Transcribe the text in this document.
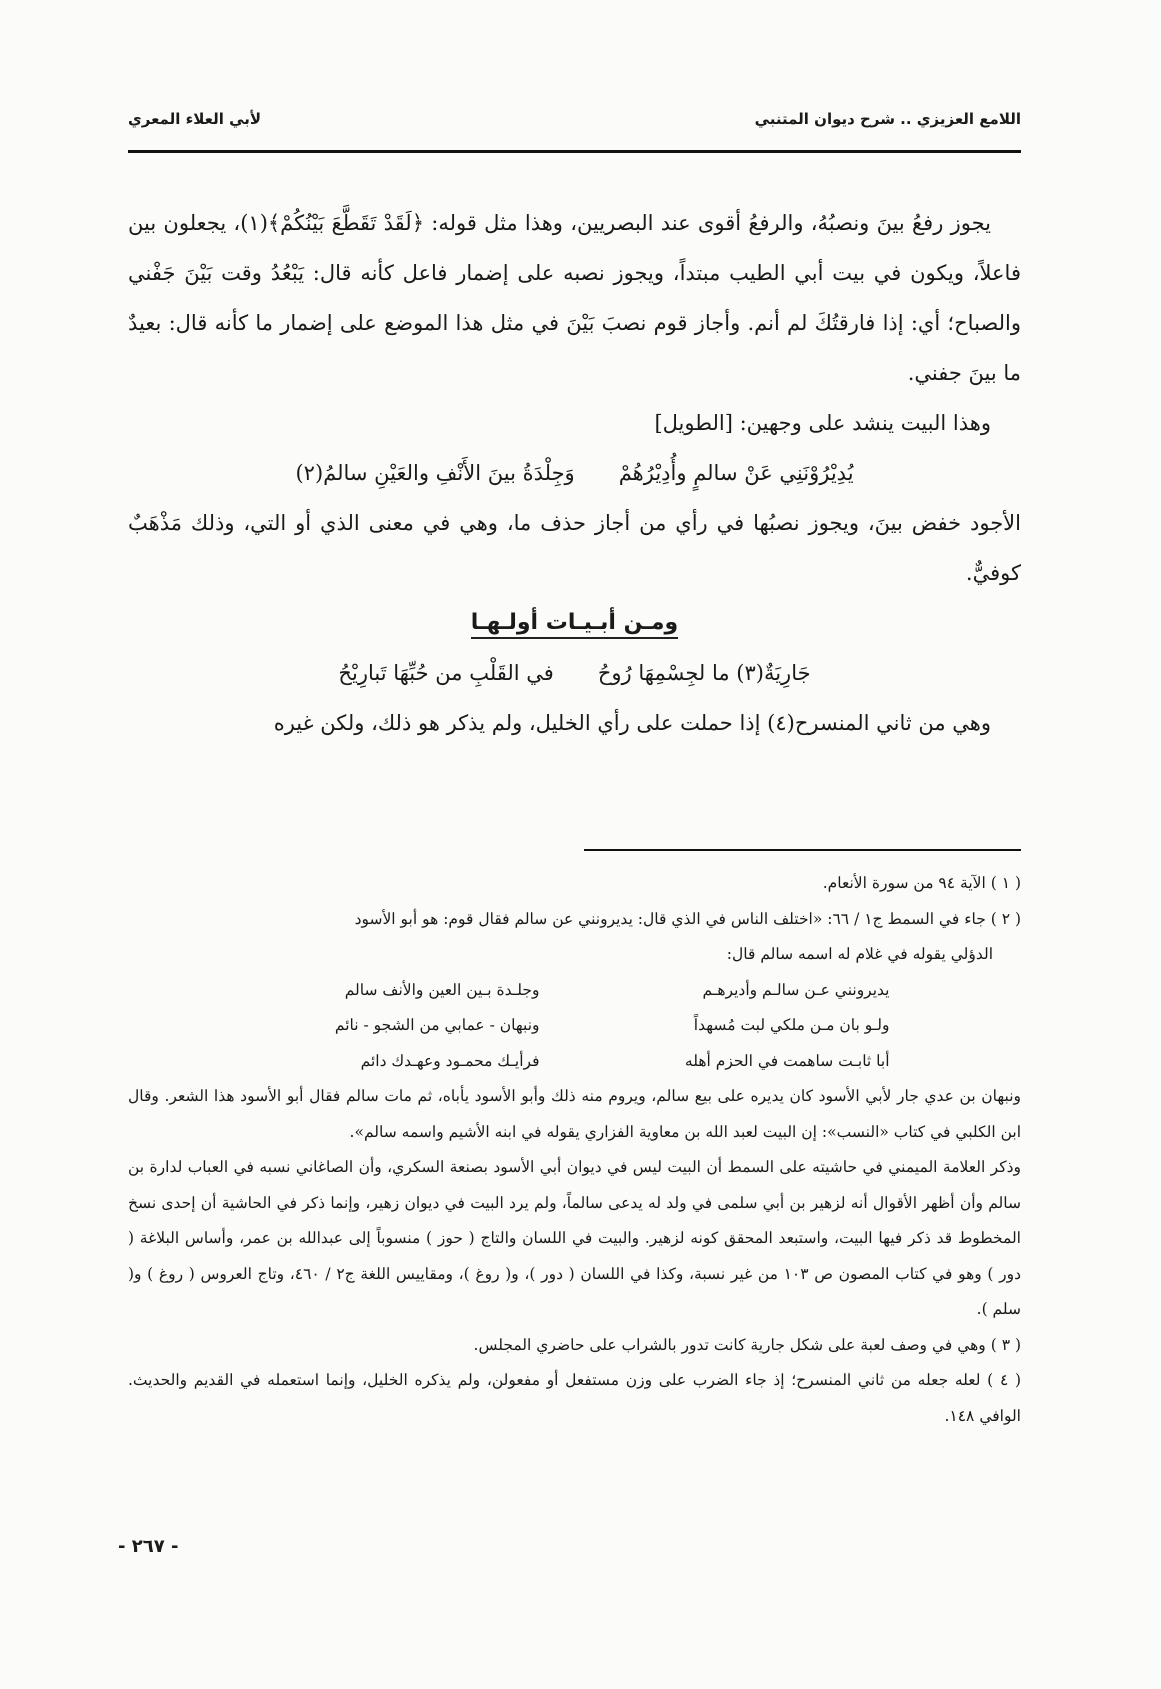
اللامع العزيزي .. شرح ديوان المتنبي
لأبي العلاء المعري

يجوز رفعُ بينَ ونصبُهُ، والرفعُ أقوى عند البصريين، وهذا مثل قوله: ﴿لَقَدْ تَقَطَّعَ بَيْنُكُمْ﴾(١)، يجعلون بين فاعلاً، ويكون في بيت أبي الطيب مبتداً، ويجوز نصبه على إضمار فاعل كأنه قال: يَبْعُدُ وقت بَيْنَ جَفْني والصباح؛ أي: إذا فارقتُكَ لم أنم. وأجاز قوم نصبَ بَيْنَ في مثل هذا الموضع على إضمار ما كأنه قال: بعيدٌ ما بينَ جفني.

وهذا البيت ينشد على وجهين: [الطويل]

يُدِيْرُوْنَنِي عَنْ سالمٍ وأُدِيْرُهُمْ
وَجِلْدَةُ بينَ الأَنْفِ والعَيْنِ سالمُ(٢)

الأجود خفض بينَ، ويجوز نصبُها في رأي من أجاز حذف ما، وهي في معنى الذي أو التي، وذلك مَذْهَبٌ كوفيٌّ.

ومـن أبـيـات أولـهـا

جَارِيَةٌ(٣) ما لجِسْمِهَا رُوحُ
في القَلْبِ من حُبِّهَا تَبارِيْحُ

وهي من ثاني المنسرح(٤) إذا حملت على رأي الخليل، ولم يذكر هو ذلك، ولكن غيره

( ١ ) الآية ٩٤ من سورة الأنعام.

( ٢ ) جاء في السمط ج١ / ٦٦: «اختلف الناس في الذي قال: يديرونني عن سالم فقال قوم: هو أبو الأسود

الدؤلي يقوله في غلام له اسمه سالم قال:

يديرونني عـن سالـم وأديرهـم
وجلـدة بـين العين والأنف سالم
ولـو بان مـن ملكي لبت مُسهداً
ونبهان - عمابي من الشجو - نائم
أبا ثابـت ساهمت في الحزم أهله
فرأيـك محمـود وعهـدك دائم

ونبهان بن عدي جار لأبي الأسود كان يديره على بيع سالم، ويروم منه ذلك وأبو الأسود يأباه، ثم مات سالم فقال أبو الأسود هذا الشعر. وقال ابن الكلبي في كتاب «النسب»: إن البيت لعبد الله بن معاوية الفزاري يقوله في ابنه الأشيم واسمه سالم».

وذكر العلامة الميمني في حاشيته على السمط أن البيت ليس في ديوان أبي الأسود بصنعة السكري، وأن الصاغاني نسبه في العباب لدارة بن سالم وأن أظهر الأقوال أنه لزهير بن أبي سلمى في ولد له يدعى سالماً، ولم يرد البيت في ديوان زهير، وإنما ذكر في الحاشية أن إحدى نسخ المخطوط قد ذكر فيها البيت، واستبعد المحقق كونه لزهير. والبيت في اللسان والتاج ( حوز ) منسوباً إلى عبدالله بن عمر، وأساس البلاغة ( دور ) وهو في كتاب المصون ص ١٠٣ من غير نسبة، وكذا في اللسان ( دور )، و( روغ )، ومقاييس اللغة ج٢ / ٤٦٠، وتاج العروس ( روغ ) و( سلم ).

( ٣ ) وهي في وصف لعبة على شكل جارية كانت تدور بالشراب على حاضري المجلس.

( ٤ ) لعله جعله من ثاني المنسرح؛ إذ جاء الضرب على وزن مستفعل أو مفعولن، ولم يذكره الخليل، وإنما استعمله في القديم والحديث. الوافي ١٤٨.

- ٢٦٧ -
